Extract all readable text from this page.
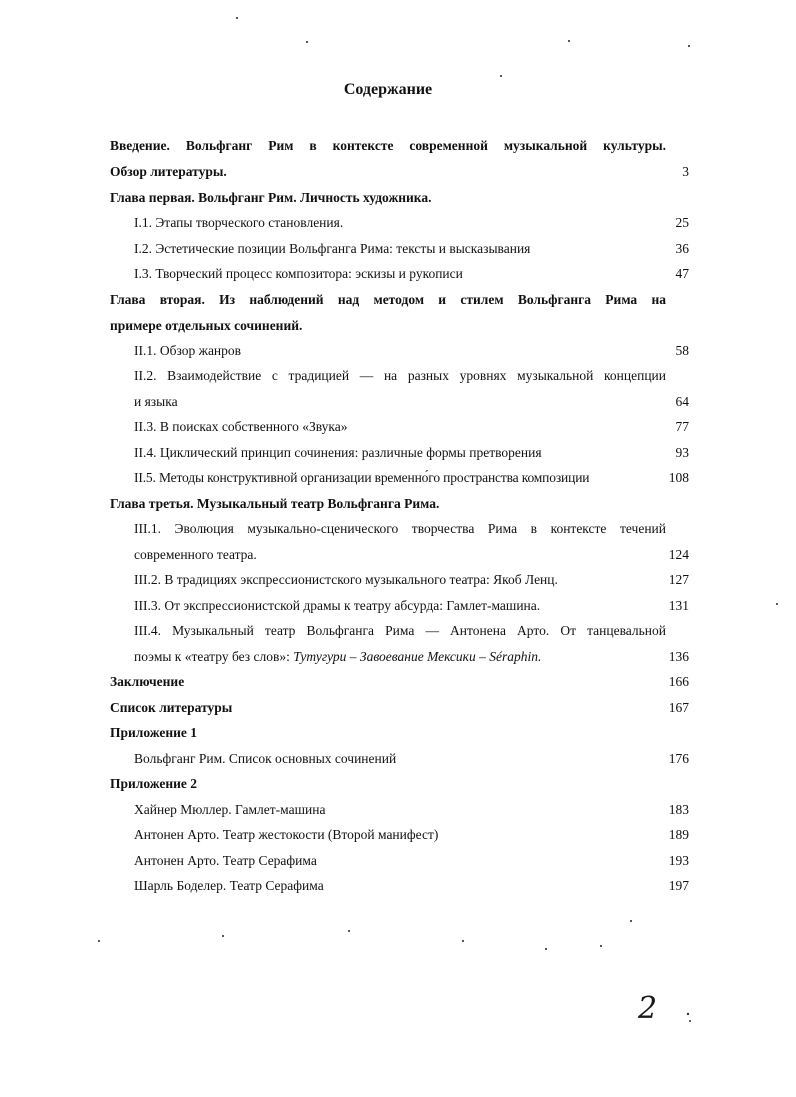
Содержание
Введение. Вольфганг Рим в контексте современной музыкальной культуры.
Обзор литературы.	3
Глава первая. Вольфганг Рим. Личность художника.
I.1. Этапы творческого становления.	25
I.2. Эстетические позиции Вольфганга Рима: тексты и высказывания	36
I.3. Творческий процесс композитора: эскизы и рукописи	47
Глава вторая. Из наблюдений над методом и стилем Вольфганга Рима на
примере отдельных сочинений.
II.1. Обзор жанров	58
II.2. Взаимодействие с традицией — на разных уровнях музыкальной концепции
и языка	64
II.3. В поисках собственного «Звука»	77
II.4. Циклический принцип сочинения: различные формы претворения	93
II.5. Методы конструктивной организации временно́го пространства композиции	108
Глава третья. Музыкальный театр Вольфганга Рима.
III.1. Эволюция музыкально-сценического творчества Рима в контексте течений
современного театра.	124
III.2. В традициях экспрессионистского музыкального театра: Якоб Ленц.	127
III.3. От экспрессионистской драмы к театру абсурда: Гамлет-машина.	131
III.4. Музыкальный театр Вольфганга Рима — Антонена Арто. От танцевальной
поэмы к «театру без слов»: Тутугури – Завоевание Мексики – Séraphin.	136
Заключение	166
Список литературы	167
Приложение 1
Вольфганг Рим. Список основных сочинений	176
Приложение 2
Хайнер Мюллер. Гамлет-машина	183
Антонен Арто. Театр жестокости (Второй манифест)	189
Антонен Арто. Театр Серафима	193
Шарль Боделер. Театр Серафима	197
2
